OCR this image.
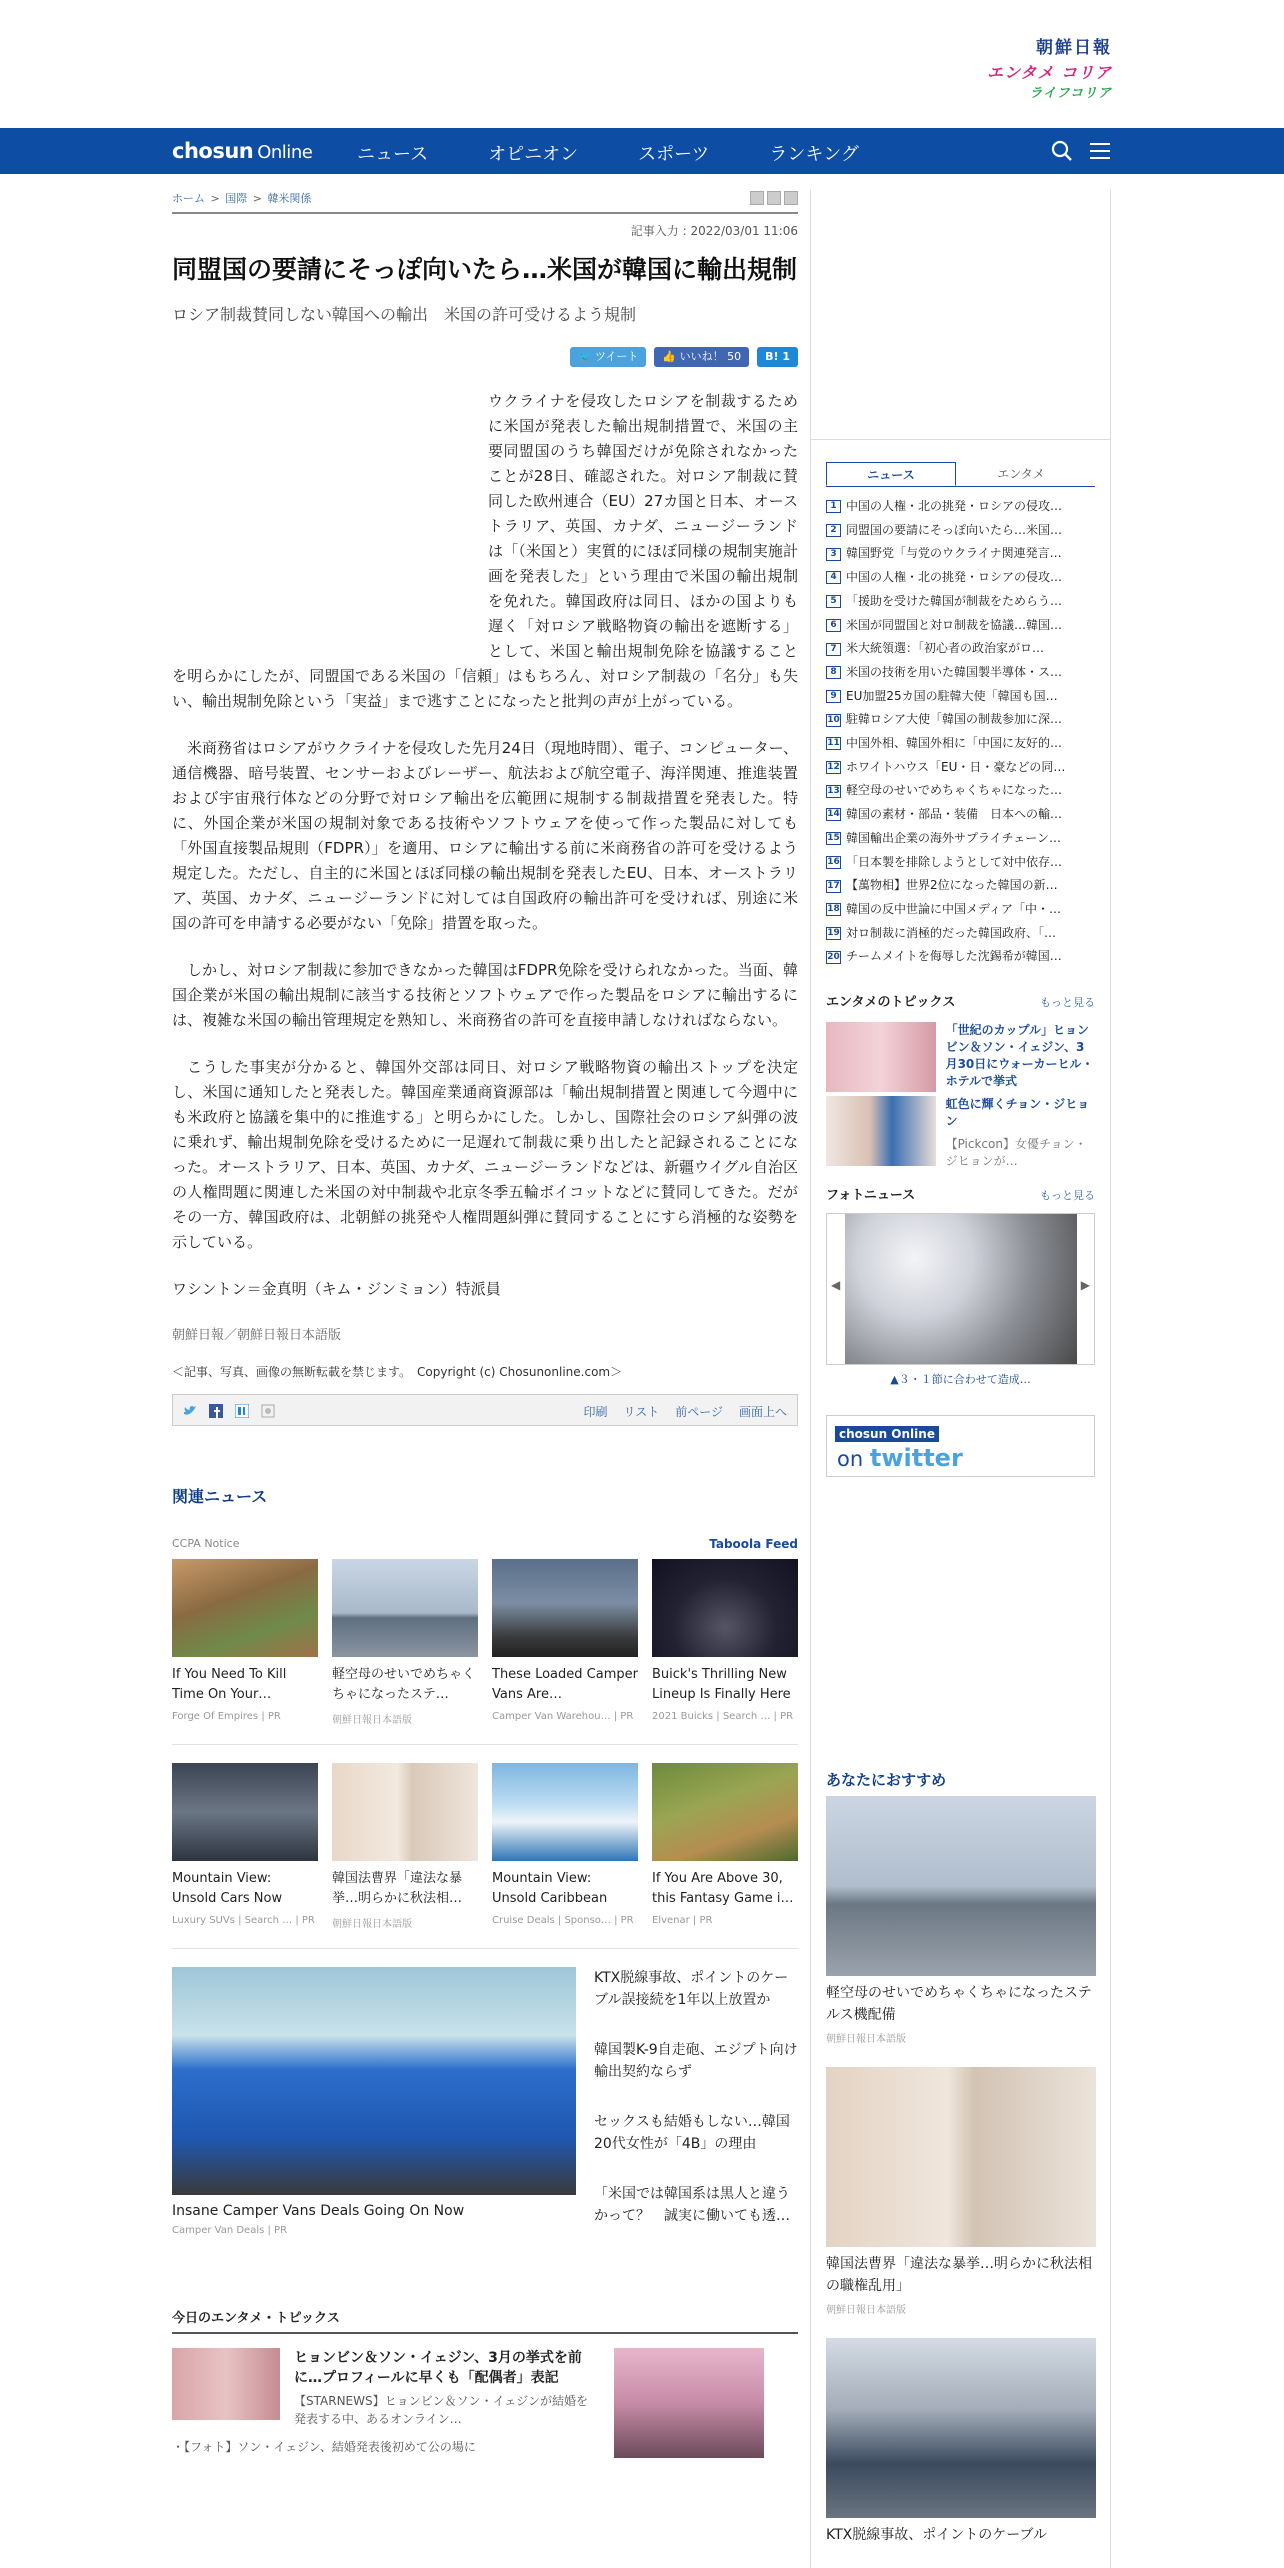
朝鮮日報
エンタメ コリア
ライフコリア
chosun Online ニュース	オピニオン	スポーツ	ランキング
ホーム > 国際 > 韓米関係
記事入力 : 2022/03/01 11:06
同盟国の要請にそっぽ向いたら…米国が韓国に輸出規制
ロシア制裁賛同しない韓国への輸出　米国の許可受けるよう規制
🐦 ツイート	👍 いいね！ 50	B! 1

ウクライナを侵攻したロシアを制裁するために米国が発表した輸出規制措置で、米国の主要同盟国のうち韓国だけが免除されなかったことが28日、確認された。対ロシア制裁に賛同した欧州連合（EU）27カ国と日本、オーストラリア、英国、カナダ、ニュージーランドは「（米国と）実質的にほぼ同様の規制実施計画を発表した」という理由で米国の輸出規制を免れた。韓国政府は同日、ほかの国よりも遅く「対ロシア戦略物資の輸出を遮断する」として、米国と輸出規制免除を協議することを明らかにしたが、同盟国である米国の「信頼」はもちろん、対ロシア制裁の「名分」も失い、輸出規制免除という「実益」まで逃すことになったと批判の声が上がっている。

米商務省はロシアがウクライナを侵攻した先月24日（現地時間）、電子、コンピューター、通信機器、暗号装置、センサーおよびレーザー、航法および航空電子、海洋関連、推進装置および宇宙飛行体などの分野で対ロシア輸出を広範囲に規制する制裁措置を発表した。特に、外国企業が米国の規制対象である技術やソフトウェアを使って作った製品に対しても「外国直接製品規則（FDPR）」を適用、ロシアに輸出する前に米商務省の許可を受けるよう規定した。ただし、自主的に米国とほぼ同様の輸出規制を発表したEU、日本、オーストラリア、英国、カナダ、ニュージーランドに対しては自国政府の輸出許可を受ければ、別途に米国の許可を申請する必要がない「免除」措置を取った。

しかし、対ロシア制裁に参加できなかった韓国はFDPR免除を受けられなかった。当面、韓国企業が米国の輸出規制に該当する技術とソフトウェアで作った製品をロシアに輸出するには、複雑な米国の輸出管理規定を熟知し、米商務省の許可を直接申請しなければならない。

こうした事実が分かると、韓国外交部は同日、対ロシア戦略物資の輸出ストップを決定し、米国に通知したと発表した。韓国産業通商資源部は「輸出規制措置と関連して今週中にも米政府と協議を集中的に推進する」と明らかにした。しかし、国際社会のロシア糾弾の波に乗れず、輸出規制免除を受けるために一足遅れて制裁に乗り出したと記録されることになった。オーストラリア、日本、英国、カナダ、ニュージーランドなどは、新疆ウイグル自治区の人権問題に関連した米国の対中制裁や北京冬季五輪ボイコットなどに賛同してきた。だがその一方、韓国政府は、北朝鮮の挑発や人権問題糾弾に賛同することにすら消極的な姿勢を示している。

ワシントン＝金真明（キム・ジンミョン）特派員
朝鮮日報／朝鮮日報日本語版
＜記事、写真、画像の無断転載を禁じます。　Copyright (c) Chosunonline.com＞
印刷 リスト 前ページ 画面上へ
関連ニュース
CCPA Notice	Taboola Feed
If You Need To Kill Time On Your…
Forge Of Empires | PR
軽空母のせいでめちゃくちゃになったステ…
朝鮮日報日本語版
These Loaded Camper Vans Are…
Camper Van Warehou… | PR
Buick's Thrilling New Lineup Is Finally Here
2021 Buicks | Search … | PR
Mountain View: Unsold Cars Now
Luxury SUVs | Search … | PR
韓国法曹界「違法な暴挙…明らかに秋法相…
朝鮮日報日本語版
Mountain View: Unsold Caribbean
Cruise Deals | Sponso… | PR
If You Are Above 30, this Fantasy Game i…
Elvenar | PR
Insane Camper Vans Deals Going On Now
Camper Van Deals | PR
KTX脱線事故、ポイントのケーブル誤接続を1年以上放置か
韓国製K-9自走砲、エジプト向け輸出契約ならず
セックスも結婚もしない…韓国20代女性が「4B」の理由
「米国では韓国系は黒人と違うかって？　誠実に働いても透…
今日のエンタメ・トピックス
ヒョンビン＆ソン・イェジン、3月の挙式を前に…プロフィールに早くも「配偶者」表記
【STARNEWS】ヒョンビン＆ソン・イェジンが結婚を発表する中、あるオンライン…
・【フォト】ソン・イェジン、結婚発表後初めて公の場に
ニュース	エンタメ
1 中国の人権・北の挑発・ロシアの侵攻…
2 同盟国の要請にそっぽ向いたら…米国…
3 韓国野党「与党のウクライナ関連発言…
4 中国の人権・北の挑発・ロシアの侵攻…
5 「援助を受けた韓国が制裁をためらう…
6 米国が同盟国と対ロ制裁を協議…韓国…
7 米大統領選：「初心者の政治家がロ…
8 米国の技術を用いた韓国製半導体・ス…
9 EU加盟25カ国の駐韓大使「韓国も国…
10 駐韓ロシア大使「韓国の制裁参加に深…
11 中国外相、韓国外相に「中国に友好的…
12 ホワイトハウス「EU・日・豪などの同…
13 軽空母のせいでめちゃくちゃになった…
14 韓国の素材・部品・装備　日本への輸…
15 韓国輸出企業の海外サプライチェーン…
16 「日本製を排除しようとして対中依存…
17 【萬物相】世界2位になった韓国の新…
18 韓国の反中世論に中国メディア「中・…
19 対ロ制裁に消極的だった韓国政府、「…
20 チームメイトを侮辱した沈錫希が韓国…
エンタメのトピックス	もっと見る
「世紀のカップル」ヒョンビン＆ソン・イェジン、3月30日にウォーカーヒル・ホテルで挙式
虹色に輝くチョン・ジヒョン
【Pickcon】女優チョン・ジヒョンが…
フォトニュース	もっと見る
◀	▶
▲３・１節に合わせて造成…
chosun Online
on twitter
あなたにおすすめ
軽空母のせいでめちゃくちゃになったステルス機配備
朝鮮日報日本語版
韓国法曹界「違法な暴挙…明らかに秋法相の職権乱用」
朝鮮日報日本語版
KTX脱線事故、ポイントのケーブル
